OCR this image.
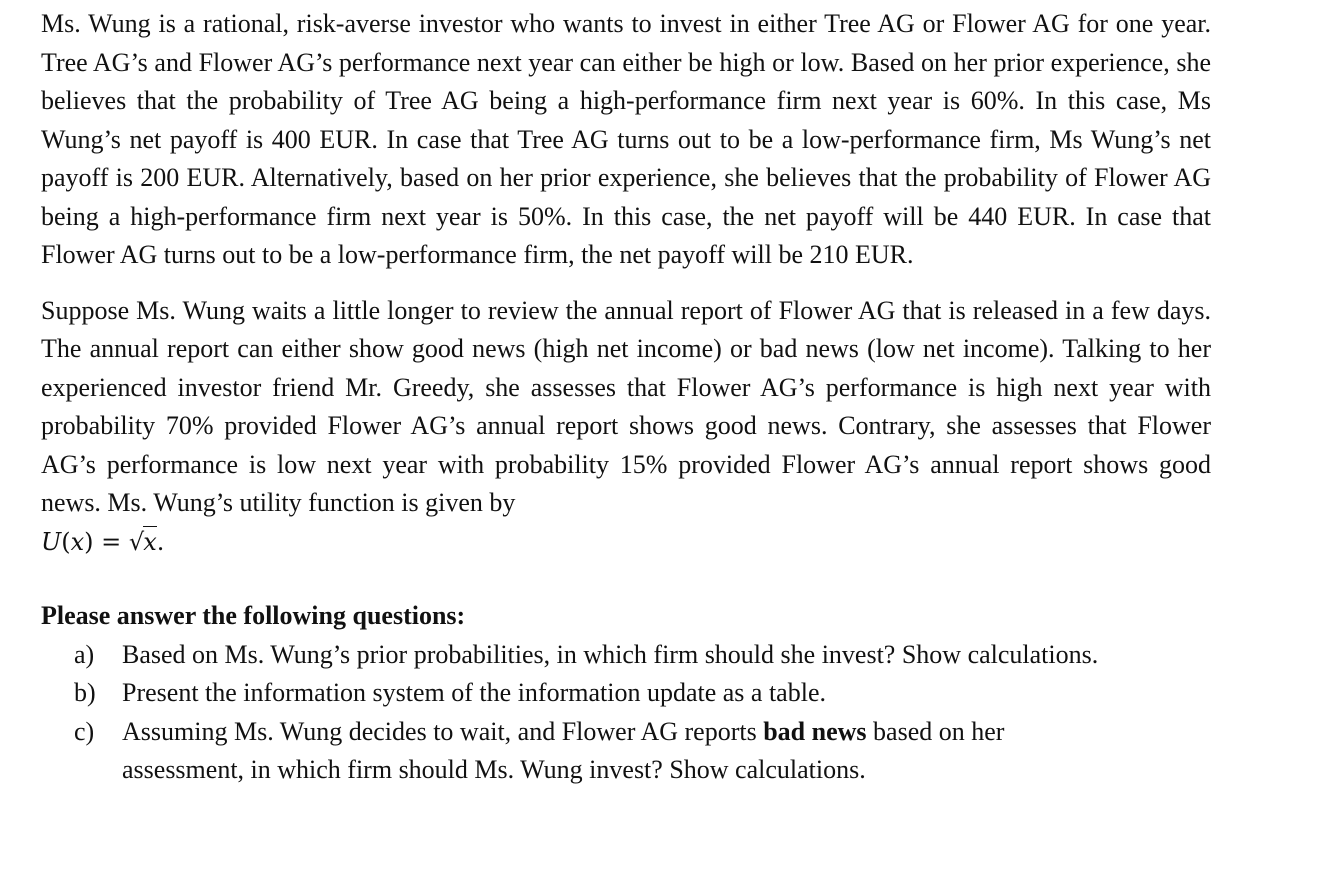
Ms. Wung is a rational, risk-averse investor who wants to invest in either Tree AG or Flower AG for one year. Tree AG’s and Flower AG’s performance next year can either be high or low. Based on her prior experience, she believes that the probability of Tree AG being a high-performance firm next year is 60%. In this case, Ms Wung’s net payoff is 400 EUR. In case that Tree AG turns out to be a low-performance firm, Ms Wung’s net payoff is 200 EUR. Alternatively, based on her prior experience, she believes that the probability of Flower AG being a high-performance firm next year is 50%. In this case, the net payoff will be 440 EUR. In case that Flower AG turns out to be a low-performance firm, the net payoff will be 210 EUR.

Suppose Ms. Wung waits a little longer to review the annual report of Flower AG that is released in a few days. The annual report can either show good news (high net income) or bad news (low net income). Talking to her experienced investor friend Mr. Greedy, she assesses that Flower AG’s performance is high next year with probability 70% provided Flower AG’s annual report shows good news. Contrary, she assesses that Flower AG’s performance is low next year with probability 15% provided Flower AG’s annual report shows good news. Ms. Wung’s utility function is given by

U(x) = √x.

Please answer the following questions:

a) Based on Ms. Wung’s prior probabilities, in which firm should she invest? Show calculations.
b) Present the information system of the information update as a table.
c) Assuming Ms. Wung decides to wait, and Flower AG reports bad news based on her assessment, in which firm should Ms. Wung invest? Show calculations.
